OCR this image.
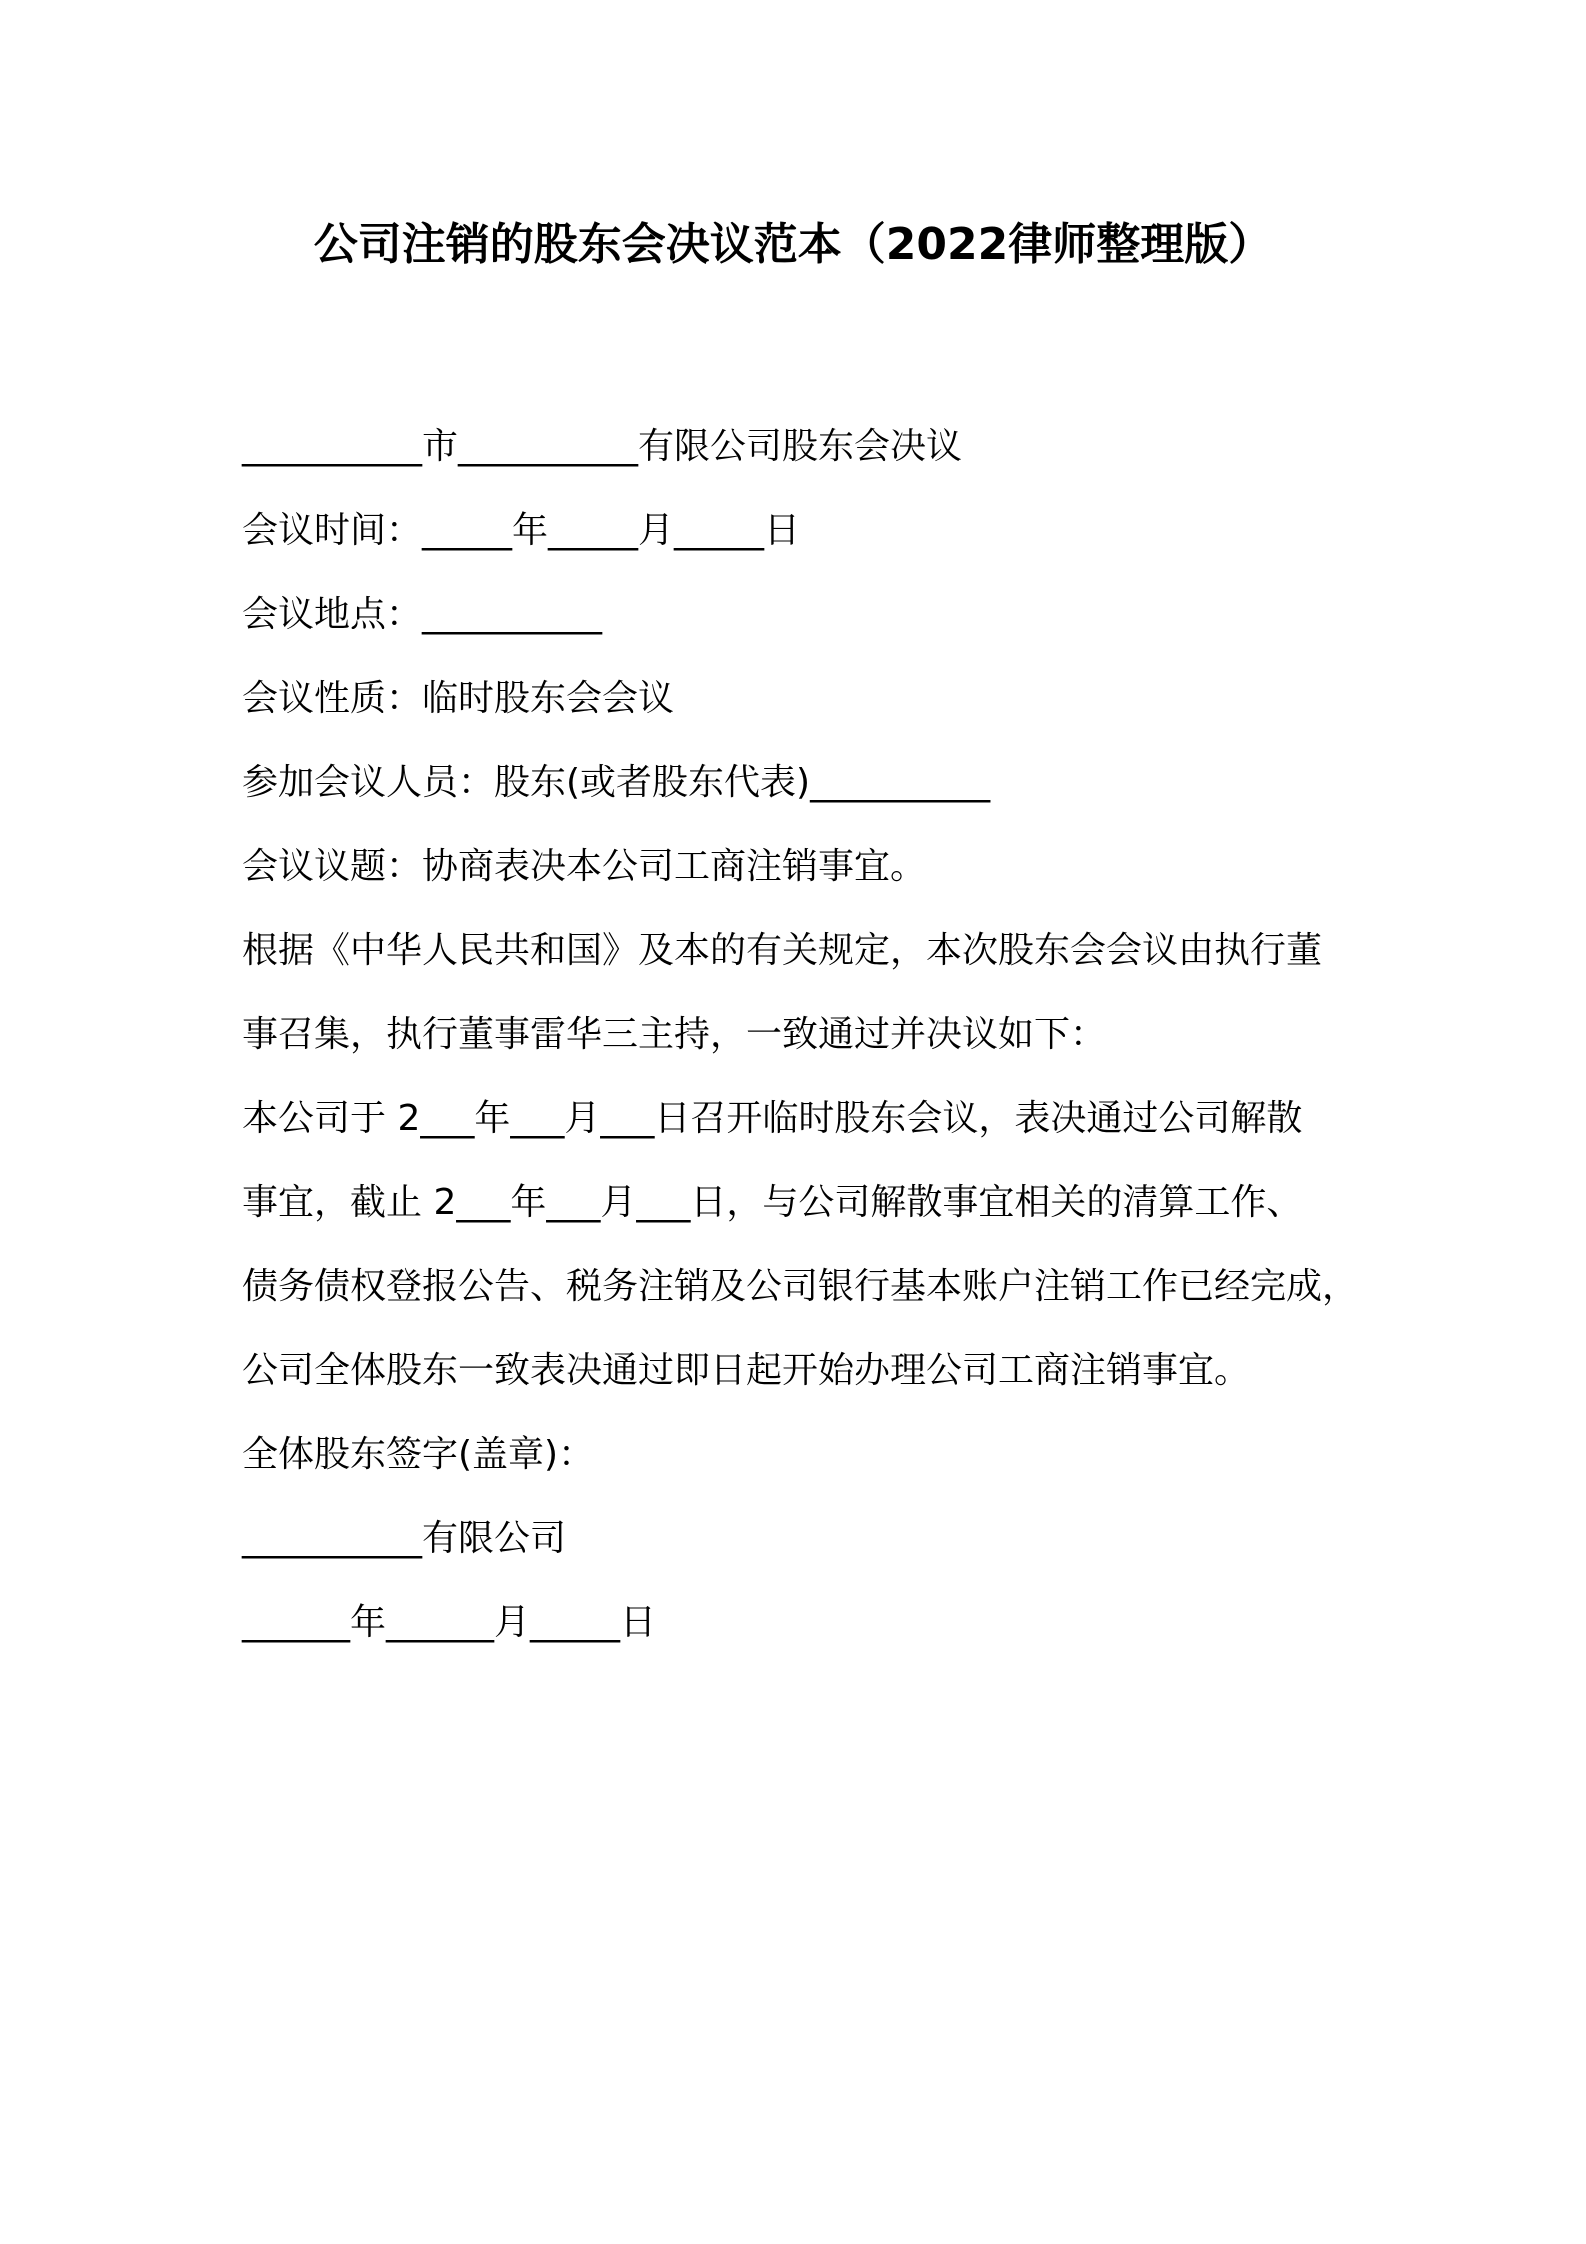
公司注销的股东会决议范本（2022律师整理版）
__________市__________有限公司股东会决议
会议时间：_____年_____月_____日
会议地点：__________
会议性质：临时股东会会议
参加会议人员：股东(或者股东代表)__________
会议议题：协商表决本公司工商注销事宜。
根据《中华人民共和国》及本的有关规定，本次股东会会议由执行董
事召集，执行董事雷华三主持，一致通过并决议如下：
本公司于 2___年___月___日召开临时股东会议，表决通过公司解散
事宜，截止 2___年___月___日，与公司解散事宜相关的清算工作、
债务债权登报公告、税务注销及公司银行基本账户注销工作已经完成，
公司全体股东一致表决通过即日起开始办理公司工商注销事宜。
全体股东签字(盖章)：
__________有限公司
______年______月_____日
